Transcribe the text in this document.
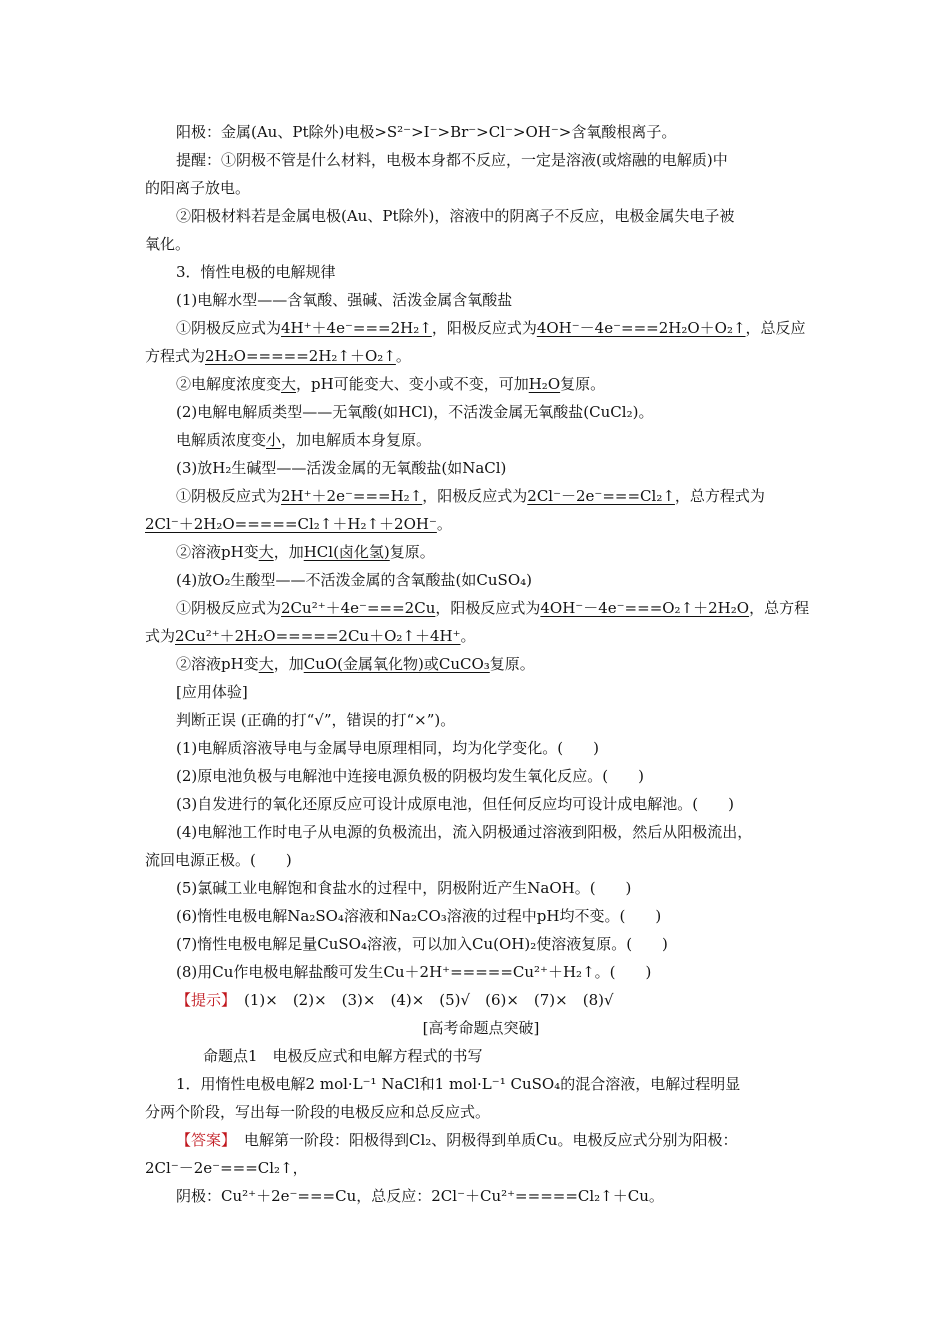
阳极：金属(Au、Pt除外)电极>S²⁻>I⁻>Br⁻>Cl⁻>OH⁻>含氧酸根离子。
提醒：①阴极不管是什么材料，电极本身都不反应，一定是溶液(或熔融的电解质)中
的阳离子放电。
②阳极材料若是金属电极(Au、Pt除外)，溶液中的阴离子不反应，电极金属失电子被
氧化。
3．惰性电极的电解规律
(1)电解水型——含氧酸、强碱、活泼金属含氧酸盐
①阴极反应式为4H⁺＋4e⁻===2H₂↑，阳极反应式为4OH⁻－4e⁻===2H₂O＋O₂↑，总反应
方程式为2H₂O=====2H₂↑＋O₂↑。
②电解度浓度变大，pH可能变大、变小或不变，可加H₂O复原。
(2)电解电解质类型——无氧酸(如HCl)，不活泼金属无氧酸盐(CuCl₂)。
电解质浓度变小，加电解质本身复原。
(3)放H₂生碱型——活泼金属的无氧酸盐(如NaCl)
①阴极反应式为2H⁺＋2e⁻===H₂↑，阳极反应式为2Cl⁻－2e⁻===Cl₂↑，总方程式为
2Cl⁻＋2H₂O=====Cl₂↑＋H₂↑＋2OH⁻。
②溶液pH变大，加HCl(卤化氢)复原。
(4)放O₂生酸型——不活泼金属的含氧酸盐(如CuSO₄)
①阴极反应式为2Cu²⁺＋4e⁻===2Cu，阳极反应式为4OH⁻－4e⁻===O₂↑＋2H₂O，总方程
式为2Cu²⁺＋2H₂O=====2Cu＋O₂↑＋4H⁺。
②溶液pH变大，加CuO(金属氧化物)或CuCO₃复原。
[应用体验]
判断正误 (正确的打“√”，错误的打“×”)。
(1)电解质溶液导电与金属导电原理相同，均为化学变化。(　　)
(2)原电池负极与电解池中连接电源负极的阴极均发生氧化反应。(　　)
(3)自发进行的氧化还原反应可设计成原电池，但任何反应均可设计成电解池。(　　)
(4)电解池工作时电子从电源的负极流出，流入阴极通过溶液到阳极，然后从阳极流出，
流回电源正极。(　　)
(5)氯碱工业电解饱和食盐水的过程中，阴极附近产生NaOH。(　　)
(6)惰性电极电解Na₂SO₄溶液和Na₂CO₃溶液的过程中pH均不变。(　　)
(7)惰性电极电解足量CuSO₄溶液，可以加入Cu(OH)₂使溶液复原。(　　)
(8)用Cu作电极电解盐酸可发生Cu＋2H⁺=====Cu²⁺＋H₂↑。(　　)
【提示】 (1)×　(2)×　(3)×　(4)×　(5)√　(6)×　(7)×　(8)√
[高考命题点突破]
命题点1　电极反应式和电解方程式的书写
1．用惰性电极电解2 mol·L⁻¹ NaCl和1 mol·L⁻¹ CuSO₄的混合溶液，电解过程明显
分两个阶段，写出每一阶段的电极反应和总反应式。
【答案】 电解第一阶段：阳极得到Cl₂、阴极得到单质Cu。电极反应式分别为阳极：
2Cl⁻－2e⁻===Cl₂↑，
阴极：Cu²⁺＋2e⁻===Cu，总反应：2Cl⁻＋Cu²⁺=====Cl₂↑＋Cu。
